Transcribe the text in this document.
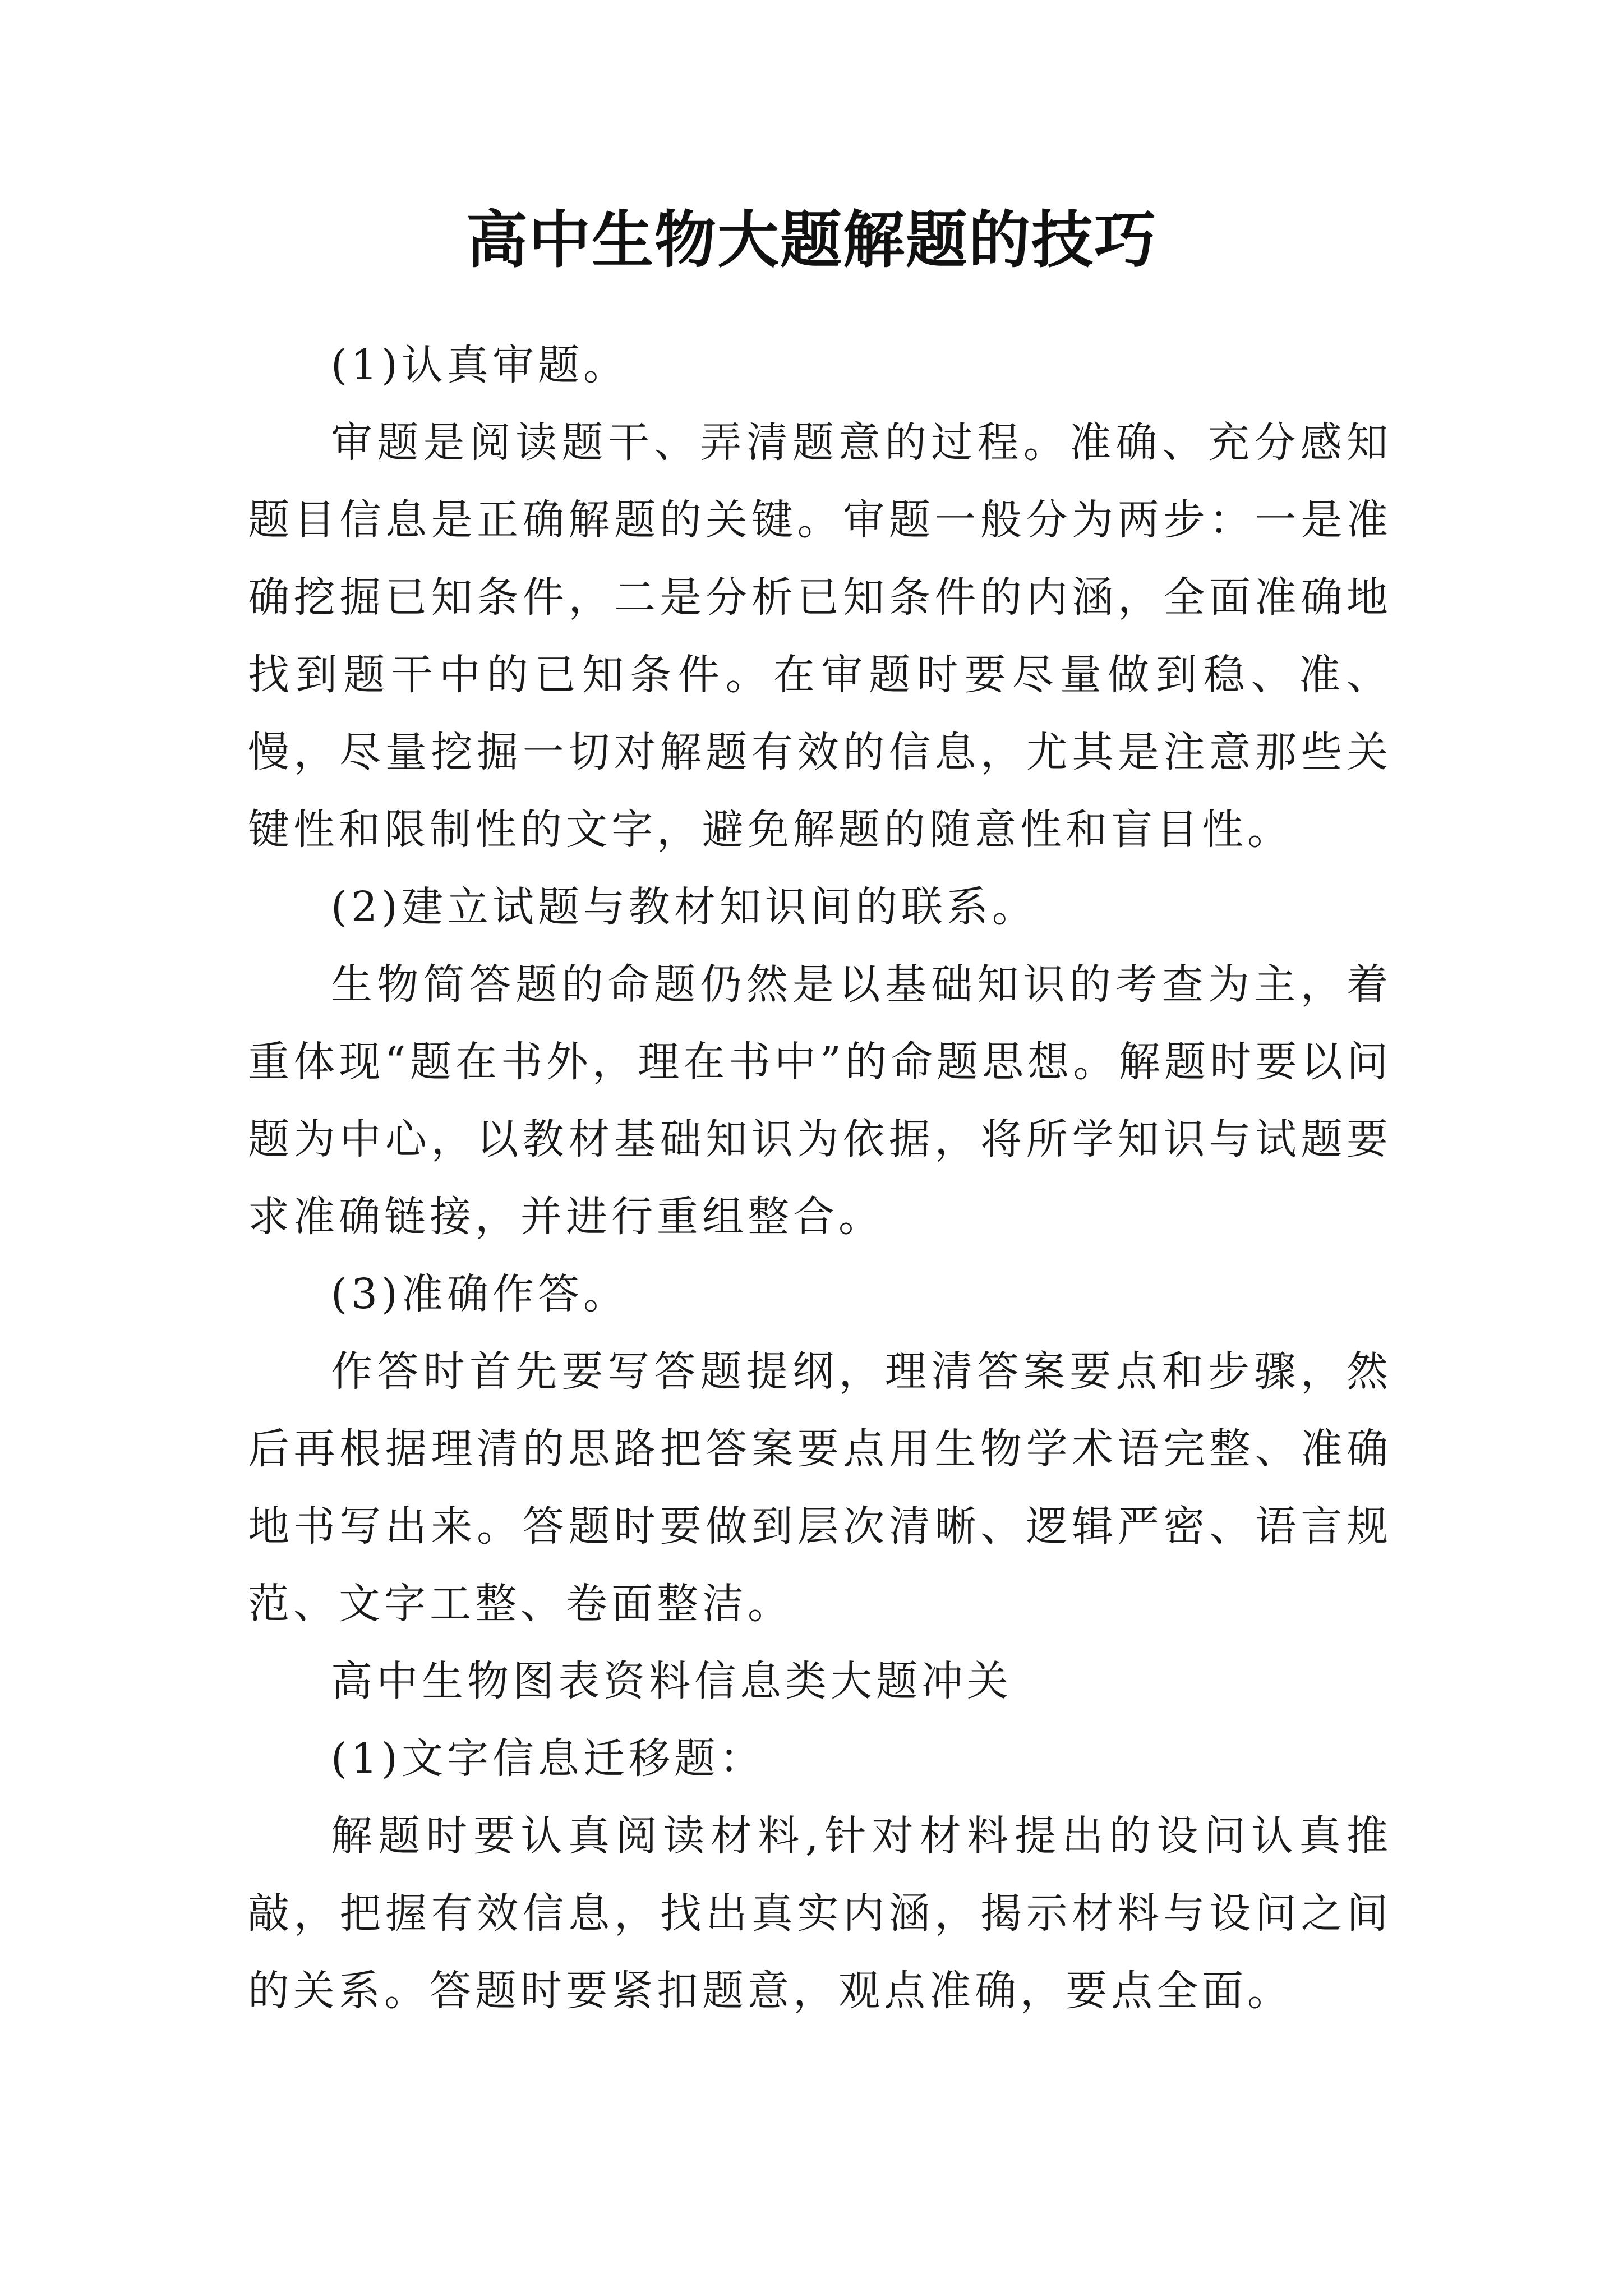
高中生物大题解题的技巧

(1)认真审题。

审题是阅读题干、弄清题意的过程。准确、充分感知题目信息是正确解题的关键。审题一般分为两步：一是准确挖掘已知条件，二是分析已知条件的内涵，全面准确地找到题干中的已知条件。在审题时要尽量做到稳、准、慢，尽量挖掘一切对解题有效的信息，尤其是注意那些关键性和限制性的文字，避免解题的随意性和盲目性。

(2)建立试题与教材知识间的联系。

生物简答题的命题仍然是以基础知识的考查为主，着重体现“题在书外，理在书中”的命题思想。解题时要以问题为中心，以教材基础知识为依据，将所学知识与试题要求准确链接，并进行重组整合。

(3)准确作答。

作答时首先要写答题提纲，理清答案要点和步骤，然后再根据理清的思路把答案要点用生物学术语完整、准确地书写出来。答题时要做到层次清晰、逻辑严密、语言规范、文字工整、卷面整洁。

高中生物图表资料信息类大题冲关

(1)文字信息迁移题：

解题时要认真阅读材料,针对材料提出的设问认真推敲，把握有效信息，找出真实内涵，揭示材料与设问之间的关系。答题时要紧扣题意，观点准确，要点全面。
